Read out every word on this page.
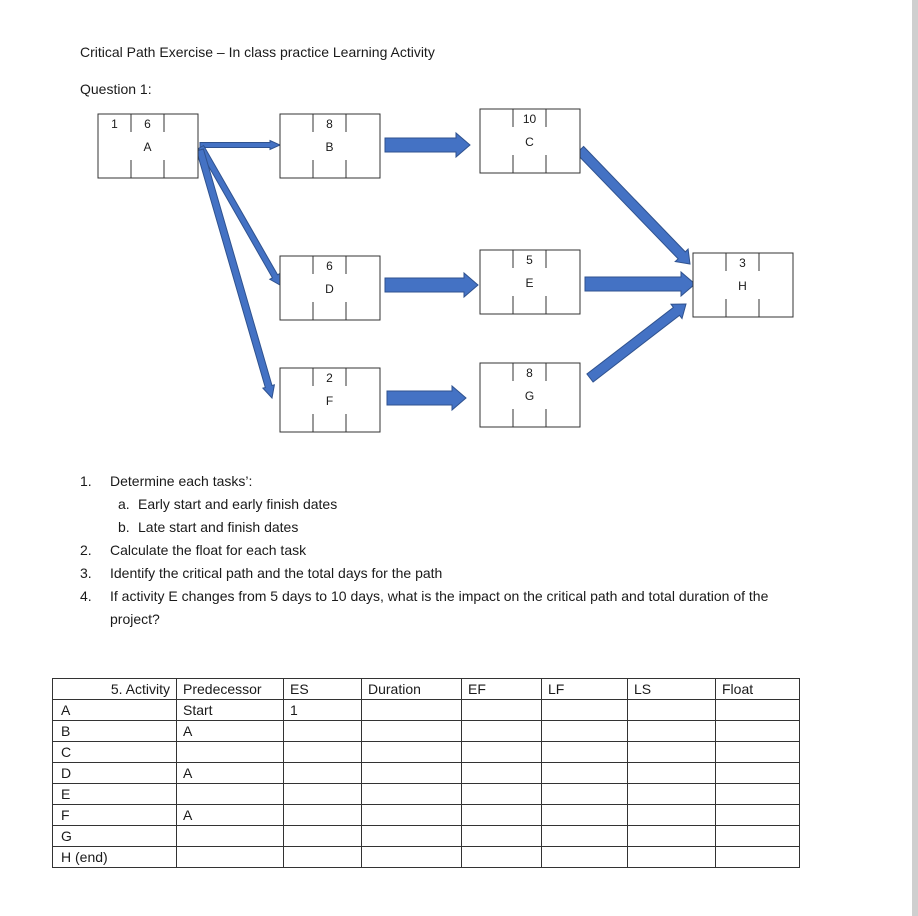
Critical Path Exercise – In class practice Learning Activity
Question 1:
1 6
A
8
B
10
C
6
D
5
E
3
H
2
F
8
G
1. Determine each tasks’:
a. Early start and early finish dates
b. Late start and finish dates
2. Calculate the float for each task
3. Identify the critical path and the total days for the path
4. If activity E changes from 5 days to 10 days, what is the impact on the critical path and total duration of the project?
5. Activity	Predecessor	ES	Duration	EF	LF	LS	Float
A	Start	1					
B	A						
C							
D	A						
E							
F	A						
G							
H (end)							
